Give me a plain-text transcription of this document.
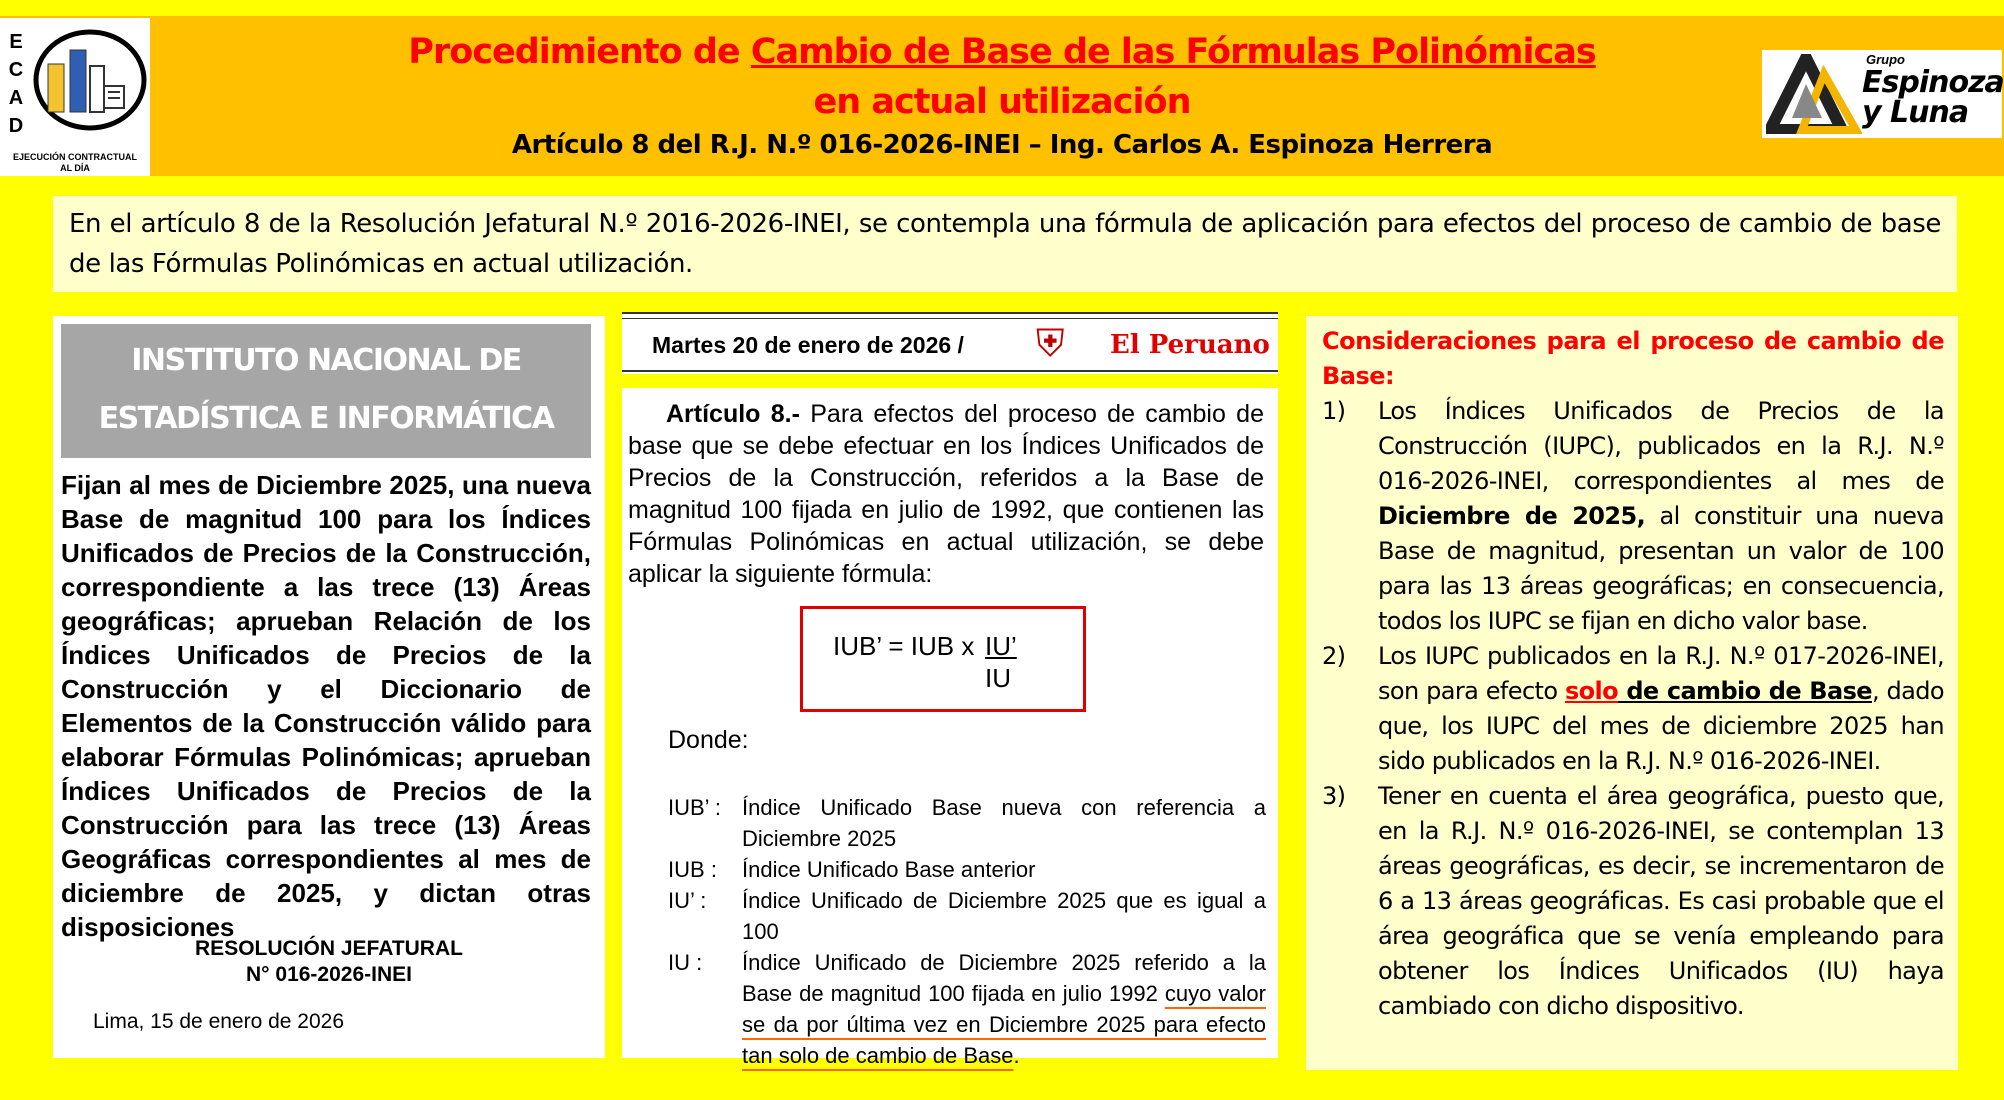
E
C
A
D
EJECUCIÓN CONTRACTUAL
AL DÍA
Procedimiento de Cambio de Base de las Fórmulas Polinómicas
en actual utilización
Artículo 8 del R.J. N.º 016-2026-INEI – Ing. Carlos A. Espinoza Herrera
Grupo
Espinoza
y Luna
En el artículo 8 de la Resolución Jefatural N.º 2016-2026-INEI, se contempla una fórmula de aplicación para efectos del proceso de cambio de base de las Fórmulas Polinómicas en actual utilización.
INSTITUTO NACIONAL DE
ESTADÍSTICA E INFORMÁTICA
Fijan al mes de Diciembre 2025, una nueva Base de magnitud 100 para los Índices Unificados de Precios de la Construcción, correspondiente a las trece (13) Áreas geográficas; aprueban Relación de los Índices Unificados de Precios de la Construcción y el Diccionario de Elementos de la Construcción válido para elaborar Fórmulas Polinómicas; aprueban Índices Unificados de Precios de la Construcción para las trece (13) Áreas Geográficas correspondientes al mes de diciembre de 2025, y dictan otras disposiciones
RESOLUCIÓN JEFATURAL
N° 016-2026-INEI
Lima, 15 de enero de 2026
Martes 20 de enero de 2026 / ⛨ El Peruano
Artículo 8.- Para efectos del proceso de cambio de base que se debe efectuar en los Índices Unificados de Precios de la Construcción, referidos a la Base de magnitud 100 fijada en julio de 1992, que contienen las Fórmulas Polinómicas en actual utilización, se debe aplicar la siguiente fórmula:
IUB’ = IUB x IU’
IU
Donde:
IUB’ : Índice Unificado Base nueva con referencia a Diciembre 2025
IUB :	Índice Unificado Base anterior
IU’ :	Índice Unificado de Diciembre 2025 que es igual a 100
IU :	Índice Unificado de Diciembre 2025 referido a la Base de magnitud 100 fijada en julio 1992 cuyo valor se da por última vez en Diciembre 2025 para efecto tan solo de cambio de Base.
Consideraciones para el proceso de cambio de Base:
1)	Los Índices Unificados de Precios de la Construcción (IUPC), publicados en la R.J. N.º 016-2026-INEI, correspondientes al mes de Diciembre de 2025, al constituir una nueva Base de magnitud, presentan un valor de 100 para las 13 áreas geográficas; en consecuencia, todos los IUPC se fijan en dicho valor base.
2)	Los IUPC publicados en la R.J. N.º 017-2026-INEI, son para efecto solo de cambio de Base, dado que, los IUPC del mes de diciembre 2025 han sido publicados en la R.J. N.º 016-2026-INEI.
3)	Tener en cuenta el área geográfica, puesto que, en la R.J. N.º 016-2026-INEI, se contemplan 13 áreas geográficas, es decir, se incrementaron de 6 a 13 áreas geográficas. Es casi probable que el área geográfica que se venía empleando para obtener los Índices Unificados (IU) haya cambiado con dicho dispositivo.
